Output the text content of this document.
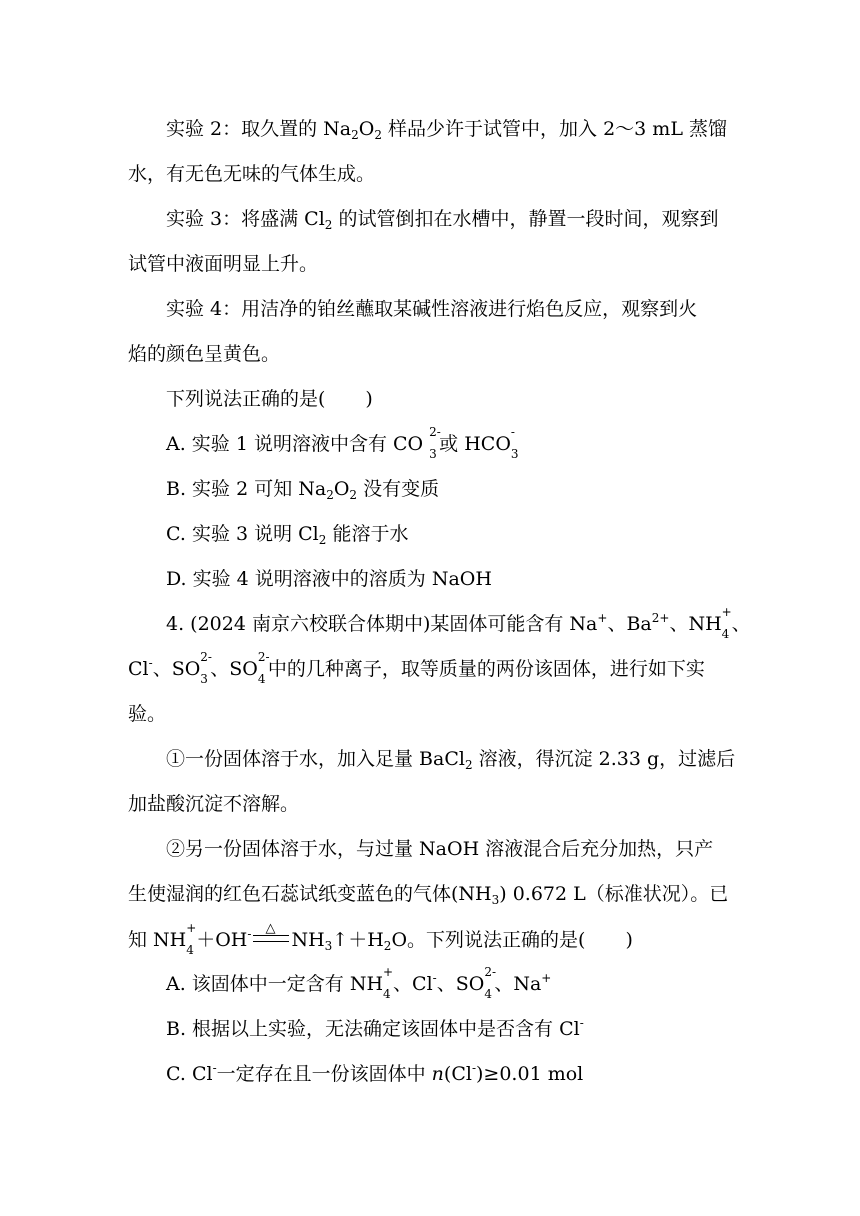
实验 2：取久置的 $Na_2O_2$ 样品少许于试管中，加入 2～3 mL 蒸馏
水，有无色无味的气体生成。
实验 3：将盛满 $Cl_2$ 的试管倒扣在水槽中，静置一段时间，观察到
试管中液面明显上升。
实验 4：用洁净的铂丝蘸取某碱性溶液进行焰色反应，观察到火
焰的颜色呈黄色。
下列说法正确的是( )
A. 实验 1 说明溶液中含有 CO
2-
3 或 HCO
-
3
B. 实验 2 可知 $Na_2O_2$ 没有变质
C. 实验 3 说明 $Cl_2$ 能溶于水
D. 实验 4 说明溶液中的溶质为 NaOH
4. (2024 南京六校联合体期中)某固体可能含有 Na+、$Ba^{2+}$、NH
+
4 、
Cl-、SO
2-
3 、SO
2-
4 中的几种离子，取等质量的两份该固体，进行如下实
验。
①一份固体溶于水，加入足量 BaCl$_2$ 溶液，得沉淀 2.33 g，过滤后
加盐酸沉淀不溶解。
②另一份固体溶于水，与过量 NaOH 溶液混合后充分加热，只产
生使湿润的红色石蕊试纸变蓝色的气体$(NH_3)$ 0.672 L（标准状况）。已
知 NH
+
4 ＋OH- △
$NH_3↑+H_2O$。下列说法正确的是( )
A. 该固体中一定含有 NH
+
4 、Cl-、SO
2-
4 、Na+
B. 根据以上实验，无法确定该固体中是否含有 Cl-
C. Cl-一定存在且一份该固体中 n(Cl-)≥0.01 mol
